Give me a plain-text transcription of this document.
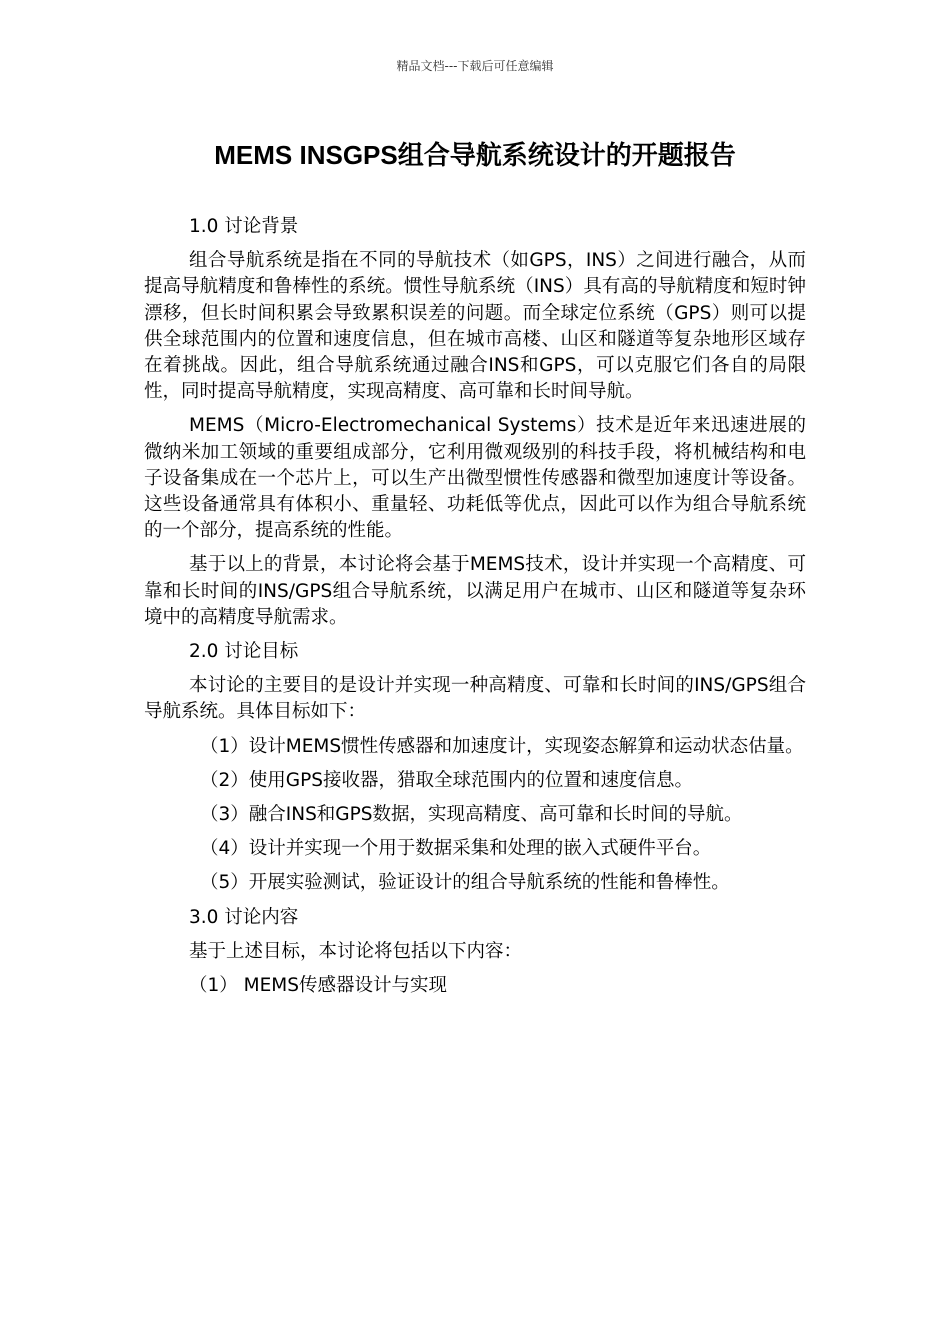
精品文档---下载后可任意编辑
MEMS INSGPS组合导航系统设计的开题报告

1.0 讨论背景

组合导航系统是指在不同的导航技术（如GPS，INS）之间进行融合，从而提高导航精度和鲁棒性的系统。惯性导航系统（INS）具有高的导航精度和短时钟漂移，但长时间积累会导致累积误差的问题。而全球定位系统（GPS）则可以提供全球范围内的位置和速度信息，但在城市高楼、山区和隧道等复杂地形区域存在着挑战。因此，组合导航系统通过融合INS和GPS，可以克服它们各自的局限性，同时提高导航精度，实现高精度、高可靠和长时间导航。

MEMS（Micro-Electromechanical Systems）技术是近年来迅速进展的微纳米加工领域的重要组成部分，它利用微观级别的科技手段，将机械结构和电子设备集成在一个芯片上，可以生产出微型惯性传感器和微型加速度计等设备。这些设备通常具有体积小、重量轻、功耗低等优点，因此可以作为组合导航系统的一个部分，提高系统的性能。

基于以上的背景，本讨论将会基于MEMS技术，设计并实现一个高精度、可靠和长时间的INS/GPS组合导航系统，以满足用户在城市、山区和隧道等复杂环境中的高精度导航需求。

2.0 讨论目标

本讨论的主要目的是设计并实现一种高精度、可靠和长时间的INS/GPS组合导航系统。具体目标如下：

（1）设计MEMS惯性传感器和加速度计，实现姿态解算和运动状态估量。

（2）使用GPS接收器，猎取全球范围内的位置和速度信息。

（3）融合INS和GPS数据，实现高精度、高可靠和长时间的导航。

（4）设计并实现一个用于数据采集和处理的嵌入式硬件平台。

（5）开展实验测试，验证设计的组合导航系统的性能和鲁棒性。

3.0 讨论内容

基于上述目标，本讨论将包括以下内容：

（1） MEMS传感器设计与实现
